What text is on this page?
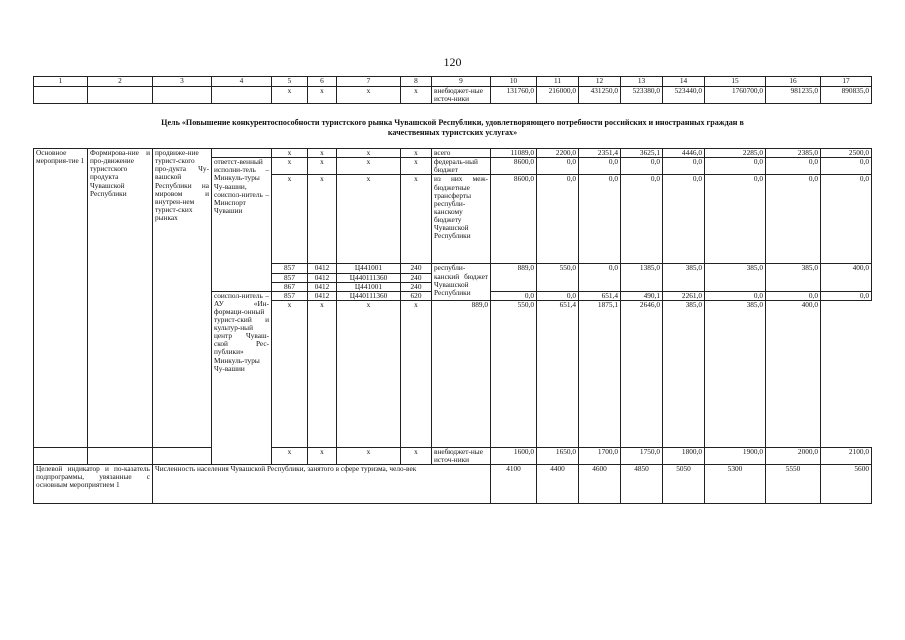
120
1	2	3	4	5	6	7	8	9	10	11	12	13	14	15	16	17
				x	x	x	x	внебюджет-ные источ-ники	131760,0	216000,0	431250,0	523380,0	523440,0	1760700,0	981235,0	890835,0

Цель «Повышение конкурентоспособности туристского рынка Чувашской Республики, удовлетворяющего потребности российских и иностранных граждан в качественных туристских услугах»																

Основное мероприя-тие 1	Формирова-ние и про-движение туристского продукта Чувашской Республики	продвиже-ние турист-ского про-дукта Чу-вашской Республики на мировом и внутрен-нем турист-ских рынках		x	x	x	x	всего	11089,0	2200,0	2351,4	3625,1	4446,0	2285,0	2385,0	2500,0
			ответст-венный исполни-тель – Минкуль-туры Чу-вашии, соиспол-нитель – Минспорт Чувашии	x	x	x	x	федераль-ный бюджет	8600,0	0,0	0,0	0,0	0,0	0,0	0,0	0,0
				x	x	x	x	из них меж-бюджетные трансферты республи-канскому бюджету Чувашской Республики	8600,0	0,0	0,0	0,0	0,0	0,0	0,0	0,0
				857	0412	Ц441001	240	республи-канский бюджет Чувашской Республики	889,0	550,0	0,0	1385,0	385,0	385,0	385,0	400,0
				857	0412	Ц440111360	240									
				867	0412	Ц441001	240									
			соиспол-нитель – АУ «Ин-формаци-онный турист-ский и культур-ный центр Чуваш-ской Рес-публики» Минкуль-туры Чу-вашии	857	0412	Ц440111360	620		0,0	0,0	651,4	490,1	2261,0	0,0	0,0	0,0
				x	x	x	x	889,0	550,0	651,4	1875,1	2646,0	385,0	385,0	400,0	
				x	x	x	x	внебюджет-ные источ-ники	1600,0	1650,0	1700,0	1750,0	1800,0	1900,0	2000,0	2100,0
Целевой индикатор и по-казатель подпрограммы, увязанные с основным мероприятием 1		Численность населения Чувашской Республики, занятого в сфере туризма, чело-век							4100	4400	4600	4850	5050	5300	5550	5600
